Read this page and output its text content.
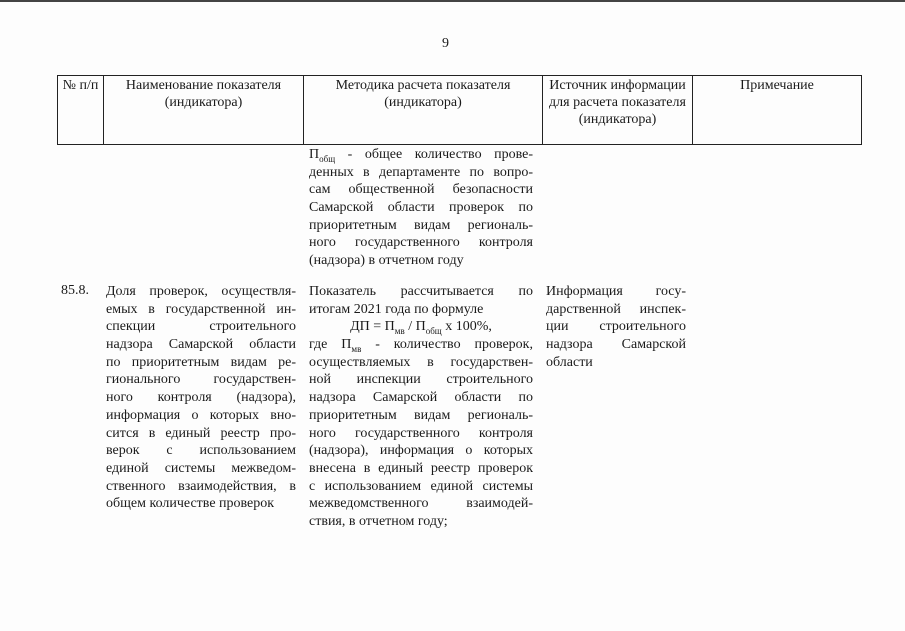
9
№ п/п	Наименование показателя (индикатора)
Методика расчета показателя (индикатора)
Источник информации для расчета показателя (индикатора)
Примечание
$П_{общ}$ - общее количество прове-
денных в департаменте по вопро-
сам общественной безопасности
Самарской области проверок по
приоритетным видам региональ-
ного государственного контроля
(надзора) в отчетном году
85.8. Доля проверок, осуществля-
емых в государственной ин-
спекции строительного
надзора Самарской области
по приоритетным видам ре-
гионального государствен-
ного контроля (надзора),
информация о которых вно-
сится в единый реестр про-
верок с использованием
единой системы межведом-
ственного взаимодействия, в
общем количестве проверок
Показатель рассчитывается по
итогам 2021 года по формуле
ДП = $П_{мв} / П_{общ}$ x 100%,
где $П_{мв}$ - количество проверок,
осуществляемых в государствен-
ной инспекции строительного
надзора Самарской области по
приоритетным видам региональ-
ного государственного контроля
(надзора), информация о которых
внесена в единый реестр проверок
с использованием единой системы
межведомственного взаимодей-
ствия, в отчетном году;
Информация госу-
дарственной инспек-
ции строительного
надзора Самарской
области
